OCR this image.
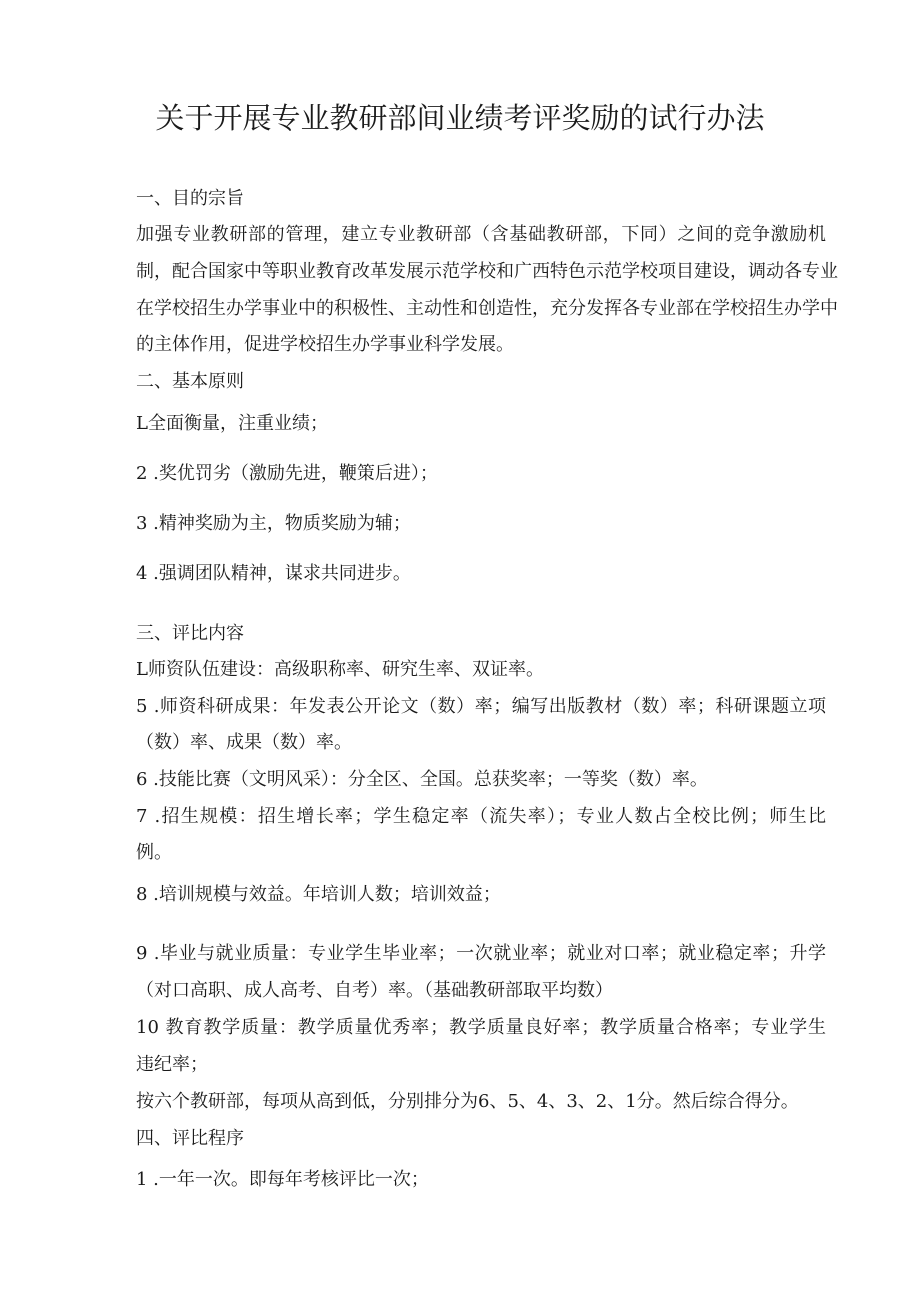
关于开展专业教研部间业绩考评奖励的试行办法
一、目的宗旨
加强专业教研部的管理，建立专业教研部（含基础教研部，下同）之间的竞争激励机
制，配合国家中等职业教育改革发展示范学校和广西特色示范学校项目建设，调动各专业
在学校招生办学事业中的积极性、主动性和创造性，充分发挥各专业部在学校招生办学中
的主体作用，促进学校招生办学事业科学发展。
二、基本原则
L全面衡量，注重业绩；
2 .奖优罚劣（激励先进，鞭策后进）；
3 .精神奖励为主，物质奖励为辅；
4 .强调团队精神，谋求共同进步。
三、评比内容
L师资队伍建设：高级职称率、研究生率、双证率。
5 .师资科研成果：年发表公开论文（数）率；编写出版教材（数）率；科研课题立项
（数）率、成果（数）率。
6 .技能比赛（文明风采）：分全区、全国。总获奖率；一等奖（数）率。
7 .招生规模：招生增长率；学生稳定率（流失率）；专业人数占全校比例；师生比
例。
8 .培训规模与效益。年培训人数；培训效益；
9 .毕业与就业质量：专业学生毕业率；一次就业率；就业对口率；就业稳定率；升学
（对口高职、成人高考、自考）率。（基础教研部取平均数）
10 教育教学质量：教学质量优秀率；教学质量良好率；教学质量合格率；专业学生
违纪率；
按六个教研部，每项从高到低，分别排分为6、5、4、3、2、1分。然后综合得分。
四、评比程序
1 .一年一次。即每年考核评比一次；
